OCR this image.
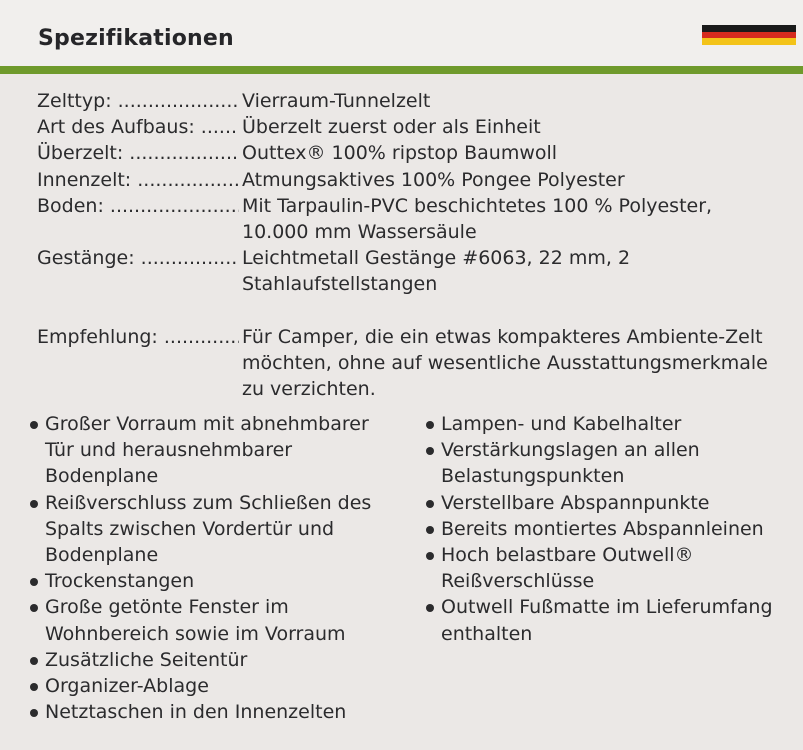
Spezifikationen
Zelttyp: .....	Vierraum-Tunnelzelt
Art des Aufbaus: .....	Überzelt zuerst oder als Einheit
Überzelt: .....	Outtex® 100% ripstop Baumwoll
Innenzelt: .....	Atmungsaktives 100% Pongee Polyester
Boden: .....	Mit Tarpaulin-PVC beschichtetes 100 % Polyester, 10.000 mm Wassersäule
Gestänge: .....	Leichtmetall Gestänge #6063, 22 mm, 2 Stahlaufstellstangen
Empfehlung: .....	Für Camper, die ein etwas kompakteres Ambiente-Zelt möchten, ohne auf wesentliche Ausstattungsmerkmale zu verzichten.
Großer Vorraum mit abnehmbarer Tür und herausnehmbarer Bodenplane
Reißverschluss zum Schließen des Spalts zwischen Vordertür und Bodenplane
Trockenstangen
Große getönte Fenster im Wohnbereich sowie im Vorraum
Zusätzliche Seitentür
Organizer-Ablage
Netztaschen in den Innenzelten
Lampen- und Kabelhalter
Verstärkungslagen an allen Belastungspunkten
Verstellbare Abspannpunkte
Bereits montiertes Abspannleinen
Hoch belastbare Outwell® Reißverschlüsse
Outwell Fußmatte im Lieferumfang enthalten
